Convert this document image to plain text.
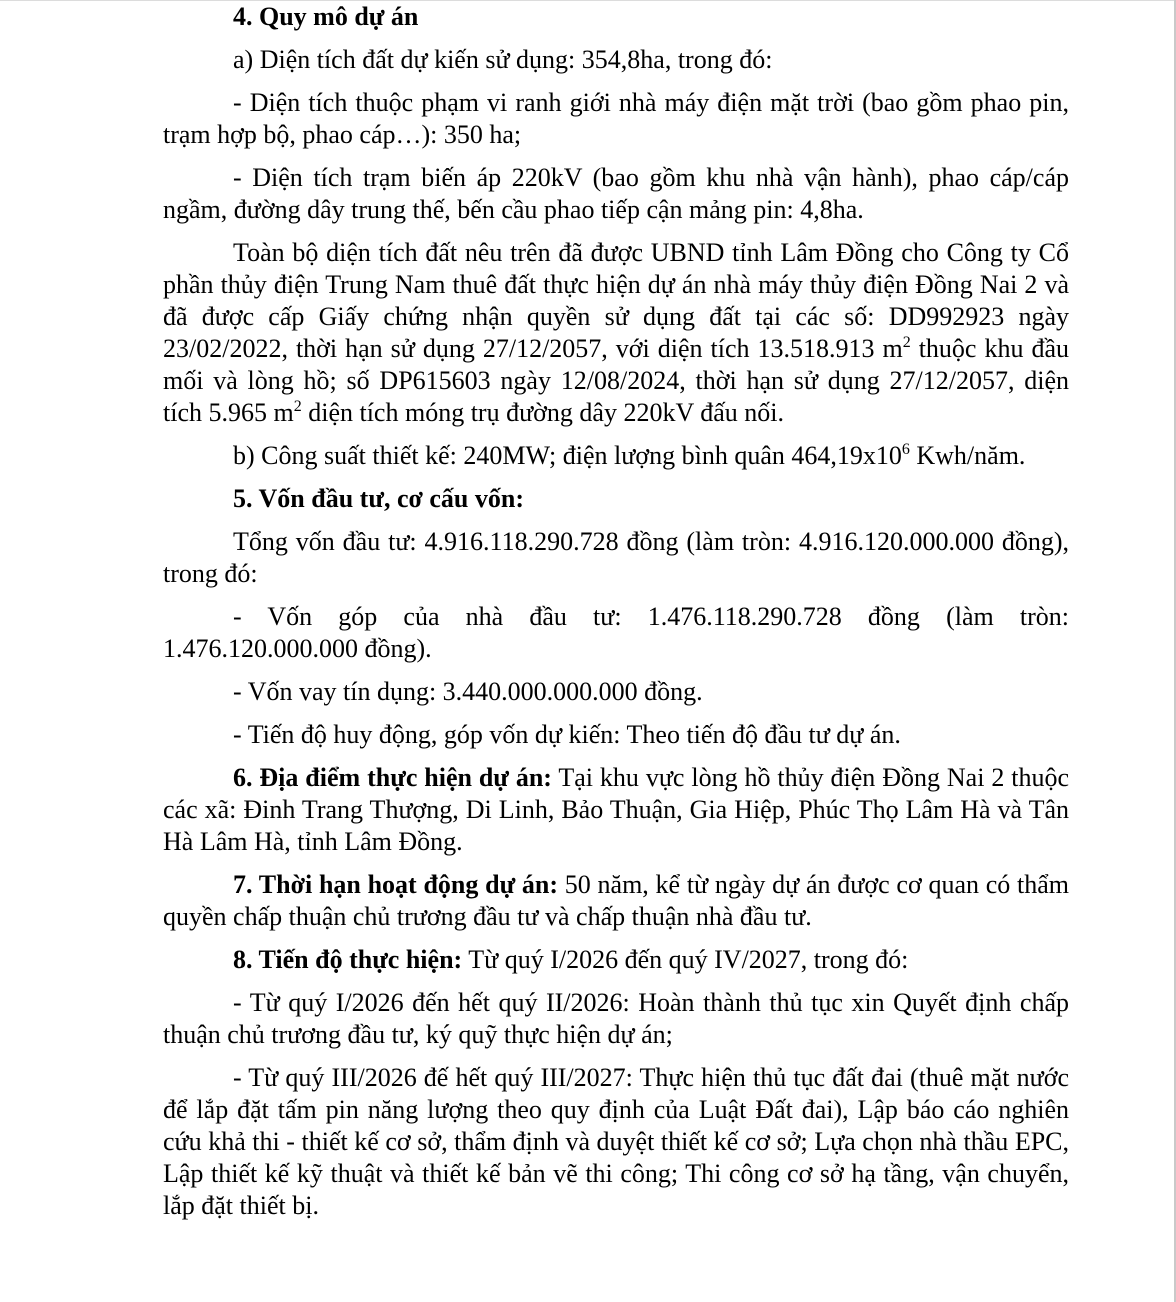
4. Quy mô dự án

a) Diện tích đất dự kiến sử dụng: 354,8ha, trong đó:

- Diện tích thuộc phạm vi ranh giới nhà máy điện mặt trời (bao gồm phao pin, trạm hợp bộ, phao cáp…): 350 ha;

- Diện tích trạm biến áp 220kV (bao gồm khu nhà vận hành), phao cáp/cáp ngầm, đường dây trung thế, bến cầu phao tiếp cận mảng pin: 4,8ha.

Toàn bộ diện tích đất nêu trên đã được UBND tỉnh Lâm Đồng cho Công ty Cổ phần thủy điện Trung Nam thuê đất thực hiện dự án nhà máy thủy điện Đồng Nai 2 và đã được cấp Giấy chứng nhận quyền sử dụng đất tại các số: DD992923 ngày 23/02/2022, thời hạn sử dụng 27/12/2057, với diện tích 13.518.913 $m^2$ thuộc khu đầu mối và lòng hồ; số DP615603 ngày 12/08/2024, thời hạn sử dụng 27/12/2057, diện tích 5.965 $m^2$ diện tích móng trụ đường dây 220kV đấu nối.

b) Công suất thiết kế: 240MW; điện lượng bình quân $464,19x10^6$ Kwh/năm.

5. Vốn đầu tư, cơ cấu vốn:

Tổng vốn đầu tư: 4.916.118.290.728 đồng (làm tròn: 4.916.120.000.000 đồng), trong đó:

- Vốn góp của nhà đầu tư: 1.476.118.290.728 đồng (làm tròn: 1.476.120.000.000 đồng).

- Vốn vay tín dụng: 3.440.000.000.000 đồng.

- Tiến độ huy động, góp vốn dự kiến: Theo tiến độ đầu tư dự án.

6. Địa điểm thực hiện dự án: Tại khu vực lòng hồ thủy điện Đồng Nai 2 thuộc các xã: Đinh Trang Thượng, Di Linh, Bảo Thuận, Gia Hiệp, Phúc Thọ Lâm Hà và Tân Hà Lâm Hà, tỉnh Lâm Đồng.

7. Thời hạn hoạt động dự án: 50 năm, kể từ ngày dự án được cơ quan có thẩm quyền chấp thuận chủ trương đầu tư và chấp thuận nhà đầu tư.

8. Tiến độ thực hiện: Từ quý I/2026 đến quý IV/2027, trong đó:

- Từ quý I/2026 đến hết quý II/2026: Hoàn thành thủ tục xin Quyết định chấp thuận chủ trương đầu tư, ký quỹ thực hiện dự án;

- Từ quý III/2026 đế hết quý III/2027: Thực hiện thủ tục đất đai (thuê mặt nước để lắp đặt tấm pin năng lượng theo quy định của Luật Đất đai), Lập báo cáo nghiên cứu khả thi - thiết kế cơ sở, thẩm định và duyệt thiết kế cơ sở; Lựa chọn nhà thầu EPC, Lập thiết kế kỹ thuật và thiết kế bản vẽ thi công; Thi công cơ sở hạ tầng, vận chuyển, lắp đặt thiết bị.
